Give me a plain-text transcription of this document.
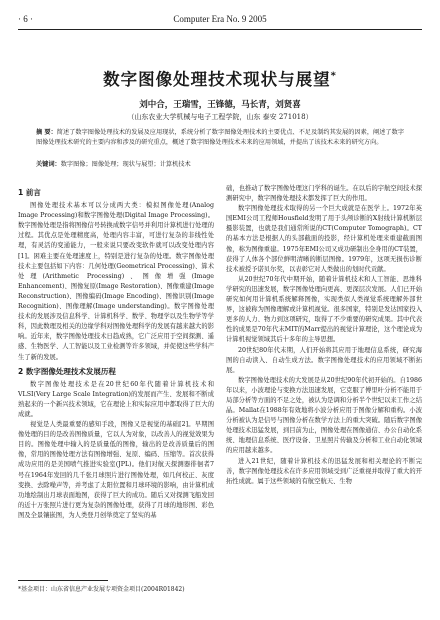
· 6 ·	Computer Era No. 9 2005
数字图像处理技术现状与展望*
刘中合，王瑞雪，王锋德，马长青，刘贤喜
（山东农业大学机械与电子工程学院，山东 泰安 271018）
摘 要：简述了数字图像处理技术的发展及应用现状，系统分析了数字图像处理技术的主要优点、不足及制约其发展的因素，阐述了数字图像处理技术研究的主要内容和涉及的研究重点，概述了数字图像处理技术未来的应用领域，并提出了该技术未来的研究方向。
关键词：数字图像；图像处理；现状与展望；计算机技术
1 前言

图像处理技术基本可以分成两大类：模拟图像处理(Analog Image Processing)和数字图像处理(Digital Image Processing)。数字图像处理是指将图像信号转换成数字信号并利用计算机进行处理的过程。其优点是处理精度高，处理内容丰富，可进行复杂的非线性处理，有灵活的变通能力，一般来说只要改变软件就可以改变处理内容[1]。困难主要在处理速度上，特别是进行复杂的处理。数字图像处理技术主要包括如下内容：几何处理(Geometrical Processing)、算术处理(Arithmetic Processing)、图像增强(Image Enhancement)、图像复原(Image Restoration)、图像重建(Image Reconstruction)、图像编码(Image Encoding)、图像识别(Image Recognition)、图像理解(Image understanding)。数字图像处理技术的发展涉及信息科学、计算机科学、数学、物理学以及生物学等学科，因此数理及相关的边缘学科对图像处理科学的发展有越来越大的影响。近年来，数字图像处理技术日趋成熟，它广泛应用于空间探测、遥感、生物医学、人工智能以及工业检测等许多领域，并促使这些学科产生了新的发展。

2 数字图像处理技术发展历程

数字图像处理技术是在20世纪60年代随着计算机技术和VLSI(Very Large Scale Integration)的发展而产生、发展和不断成熟起来的一个新兴技术领域，它在理论上和实际应用中都取得了巨大的成就。

视觉是人类最重要的感知手段，图像又是视觉的基础[2]。早期图像处理的目的是改善图像质量，它以人为对象，以改善人的视觉效果为目的。图像处理中输入的是质量低的图像，输出的是改善质量后的图像，常用的图像处理方法有图像增强、复原、编码、压缩等。首次获得成功应用的是美国喷气推进实验室(JPL)。他们对航天探测器徘徊者7号在1964年发回的几千张月球照片进行图像处理，如几何校正、灰度变换、去除噪声等，并考虑了太阳位置和月球环境的影响，由计算机成功地绘制出月球表面地图，获得了巨大的成功。随后又对探测飞船发回的近十万张照片进行更为复杂的图像处理，获得了月球的地形图、彩色图及全景镶嵌图，为人类登月创举奠定了坚实的基

础，也推动了数字图像处理这门学科的诞生。在以后的宇航空间技术探测研究中，数字图像处理技术都发挥了巨大的作用。

数字图像处理技术取得的另一个巨大成就是在医学上。1972年英国EMI公司工程师Housfield发明了用于头颅诊断的X射线计算机断层摄影装置，也就是我们通常所说的CT(Computer Tomograph)。CT的基本方法是根据人的头部截面的投影，经计算机处理来重建截面图像，称为图像重建。1975年EMI公司又成功研制出全身用的CT装置，获得了人体各个部位鲜明清晰的断层图像。1979年，这项无损伤诊断技术被授予诺贝尔奖，以表彰它对人类做出的划时代贡献。

从20世纪70年代中期开始，随着计算机技术和人工智能、思维科学研究的迅速发展，数字图像处理向更高、更深层次发展。人们已开始研究如何用计算机系统解释图像，实现类似人类视觉系统理解外部世界，这被称为图像理解或计算机视觉。很多国家，特别是发达国家投入更多的人力、物力到这项研究，取得了不少重要的研究成果。其中代表性的成果是70年代末MIT的Marr提出的视觉计算理论，这个理论成为计算机视觉领域其后十多年的主导思想。

20世纪80年代末期，人们开始将其应用于地理信息系统，研究海图的自动读入、自动生成方法。数字图像处理技术的应用领域不断拓展。

数字图像处理技术的大发展是从20世纪90年代初开始的。自1986年以来，小波理论与变换方法迅速发展，它克服了傅里叶分析不能用于局部分析等方面的不足之处，被认为是调和分析半个世纪以来工作之结晶。Mallat在1988年有效地将小波分析应用于图像分解和重构。小波分析被认为是信号与图像分析在数学方法上的重大突破。随后数字图像处理技术迅猛发展，到目前为止，图像处理在图像通信、办公自动化系统、地理信息系统、医疗设备、卫星照片传输及分析和工业自动化领域的应用越来越多。

进入21世纪，随着计算机技术的迅猛发展和相关理论的不断完善，数字图像处理技术在许多应用领域受到广泛重视并取得了重大的开拓性成就。属于这些领域的有航空航天、生物

*基金项目：山东省信息产业发展专项资金项目(2004R01842)
